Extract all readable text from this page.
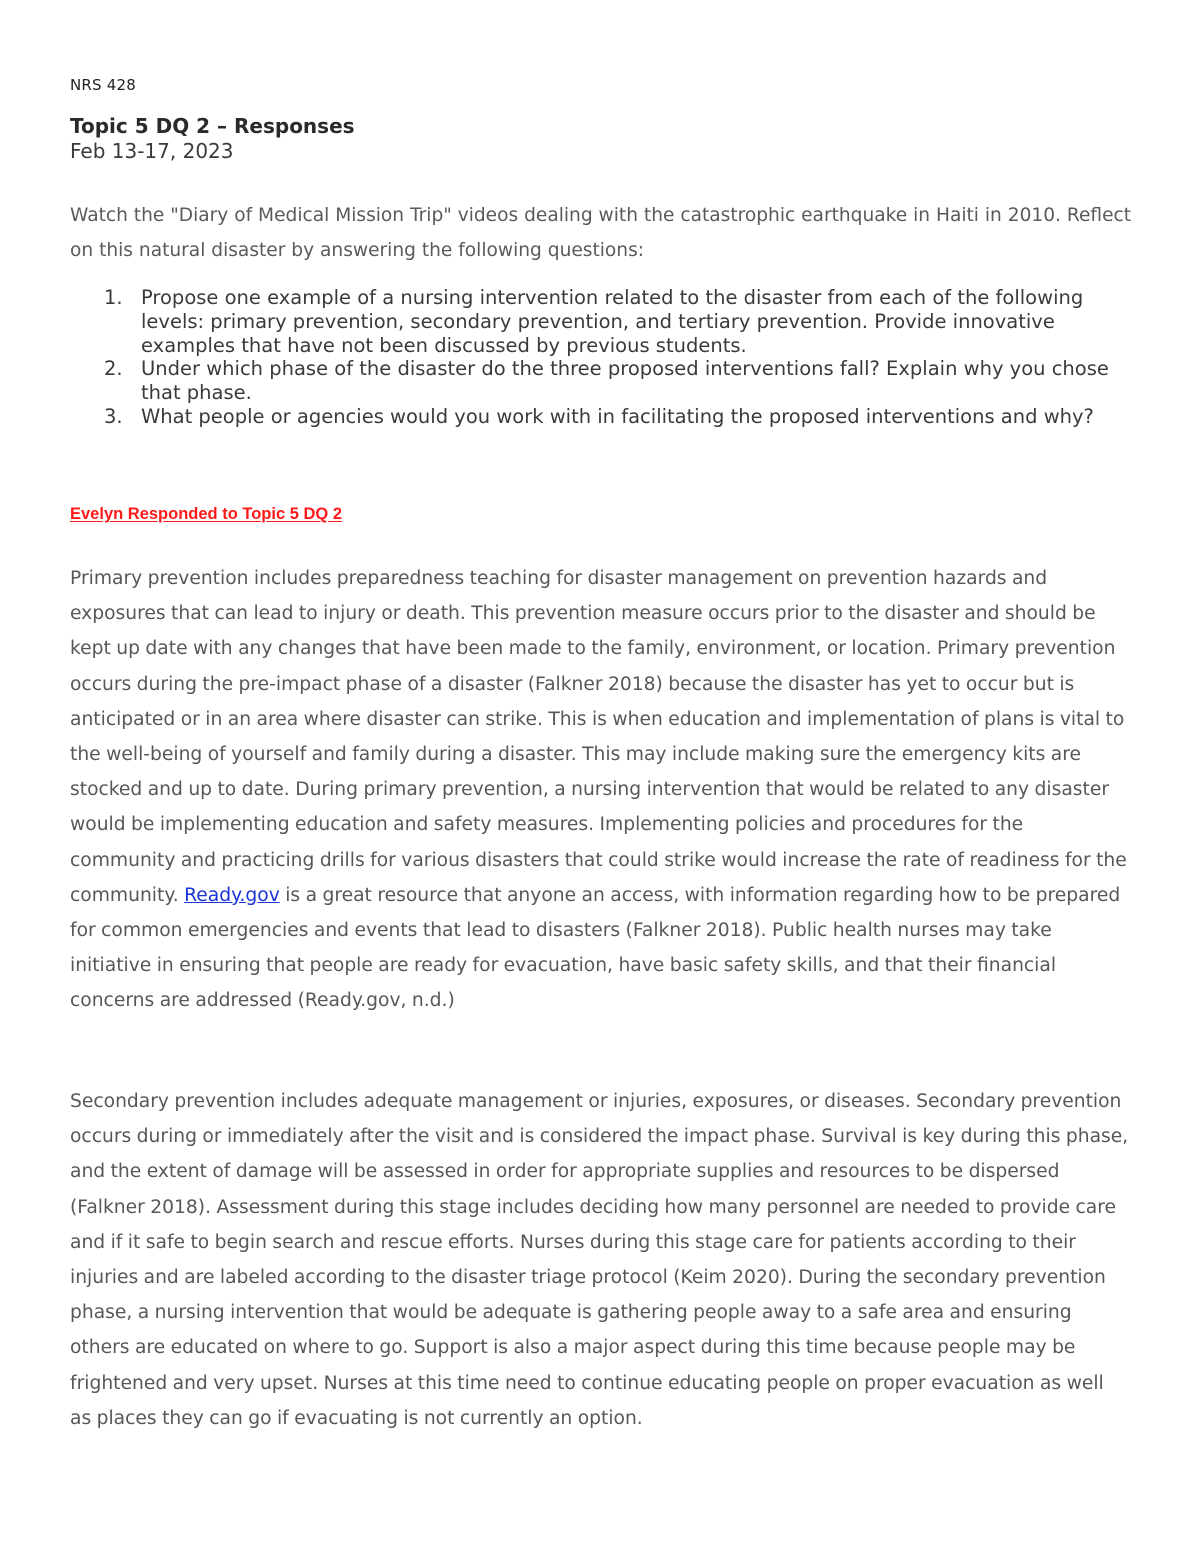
NRS 428
Topic 5 DQ 2 – Responses
Feb 13-17, 2023

Watch the "Diary of Medical Mission Trip" videos dealing with the catastrophic earthquake in Haiti in 2010. Reflect on this natural disaster by answering the following questions:

1. Propose one example of a nursing intervention related to the disaster from each of the following levels: primary prevention, secondary prevention, and tertiary prevention. Provide innovative examples that have not been discussed by previous students.
2. Under which phase of the disaster do the three proposed interventions fall? Explain why you chose that phase.
3. What people or agencies would you work with in facilitating the proposed interventions and why?
Evelyn Responded to Topic 5 DQ 2

Primary prevention includes preparedness teaching for disaster management on prevention hazards and exposures that can lead to injury or death. This prevention measure occurs prior to the disaster and should be kept up date with any changes that have been made to the family, environment, or location. Primary prevention occurs during the pre-impact phase of a disaster (Falkner 2018) because the disaster has yet to occur but is anticipated or in an area where disaster can strike. This is when education and implementation of plans is vital to the well-being of yourself and family during a disaster. This may include making sure the emergency kits are stocked and up to date. During primary prevention, a nursing intervention that would be related to any disaster would be implementing education and safety measures. Implementing policies and procedures for the community and practicing drills for various disasters that could strike would increase the rate of readiness for the community. Ready.gov is a great resource that anyone an access, with information regarding how to be prepared for common emergencies and events that lead to disasters (Falkner 2018). Public health nurses may take initiative in ensuring that people are ready for evacuation, have basic safety skills, and that their financial concerns are addressed (Ready.gov, n.d.)

Secondary prevention includes adequate management or injuries, exposures, or diseases. Secondary prevention occurs during or immediately after the visit and is considered the impact phase. Survival is key during this phase, and the extent of damage will be assessed in order for appropriate supplies and resources to be dispersed (Falkner 2018). Assessment during this stage includes deciding how many personnel are needed to provide care and if it safe to begin search and rescue efforts. Nurses during this stage care for patients according to their injuries and are labeled according to the disaster triage protocol (Keim 2020). During the secondary prevention phase, a nursing intervention that would be adequate is gathering people away to a safe area and ensuring others are educated on where to go. Support is also a major aspect during this time because people may be frightened and very upset. Nurses at this time need to continue educating people on proper evacuation as well as places they can go if evacuating is not currently an option.
